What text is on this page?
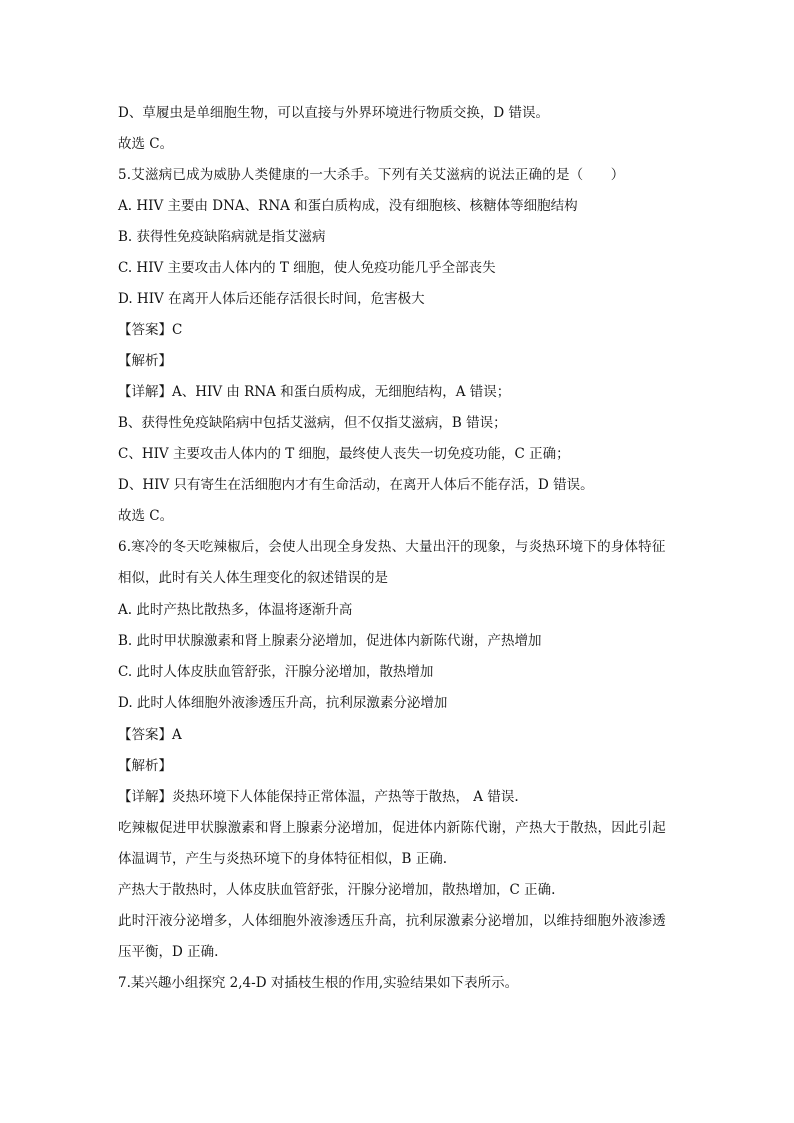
D、草履虫是单细胞生物，可以直接与外界环境进行物质交换，D 错误。
故选 C。
5.艾滋病已成为威胁人类健康的一大杀手。下列有关艾滋病的说法正确的是（　　）
A. HIV 主要由 DNA、RNA 和蛋白质构成，没有细胞核、核糖体等细胞结构
B. 获得性免疫缺陷病就是指艾滋病
C. HIV 主要攻击人体内的 T 细胞，使人免疫功能几乎全部丧失
D. HIV 在离开人体后还能存活很长时间，危害极大
【答案】C
【解析】
【详解】A、HIV 由 RNA 和蛋白质构成，无细胞结构，A 错误；
B、获得性免疫缺陷病中包括艾滋病，但不仅指艾滋病，B 错误；
C、HIV 主要攻击人体内的 T 细胞，最终使人丧失一切免疫功能，C 正确；
D、HIV 只有寄生在活细胞内才有生命活动，在离开人体后不能存活，D 错误。
故选 C。
6.寒冷的冬天吃辣椒后，会使人出现全身发热、大量出汗的现象，与炎热环境下的身体特征
相似，此时有关人体生理变化的叙述错误的是
A. 此时产热比散热多，体温将逐渐升高
B. 此时甲状腺激素和肾上腺素分泌增加，促进体内新陈代谢，产热增加
C. 此时人体皮肤血管舒张，汗腺分泌增加，散热增加
D. 此时人体细胞外液渗透压升高，抗利尿激素分泌增加
【答案】A
【解析】
【详解】炎热环境下人体能保持正常体温，产热等于散热， A 错误.
吃辣椒促进甲状腺激素和肾上腺素分泌增加，促进体内新陈代谢，产热大于散热，因此引起
体温调节，产生与炎热环境下的身体特征相似，B 正确.
产热大于散热时，人体皮肤血管舒张，汗腺分泌增加，散热增加，C 正确.
此时汗液分泌增多，人体细胞外液渗透压升高，抗利尿激素分泌增加，以维持细胞外液渗透
压平衡，D 正确.
7.某兴趣小组探究 2,4-D 对插枝生根的作用,实验结果如下表所示。
